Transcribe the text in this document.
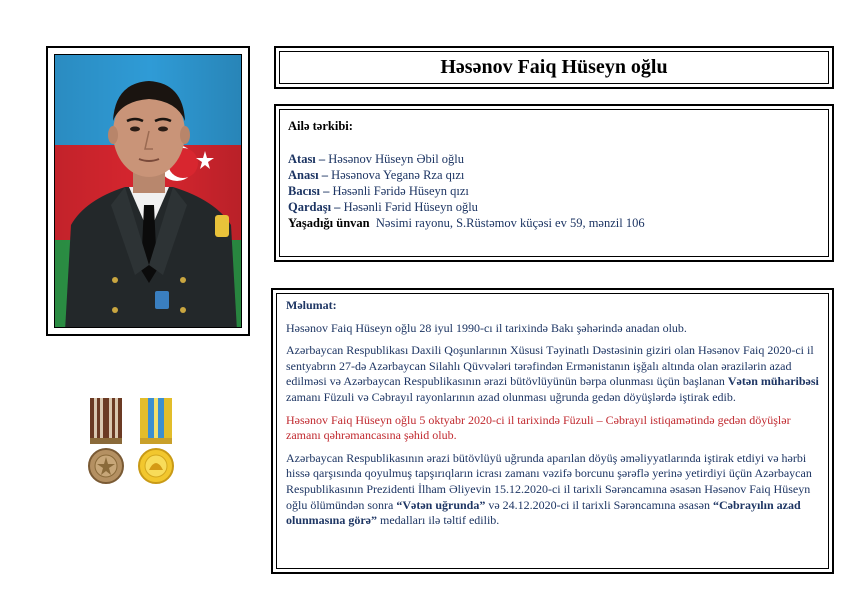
Həsənov Faiq Hüseyn oğlu
Ailə tərkibi:
Atası – Həsənov Hüseyn Əbil oğlu
Anası – Həsənova Yeganə Rza qızı
Bacısı – Həsənli Fəridə Hüseyn qızı
Qardaşı – Həsənli Fərid Hüseyn oğlu
Yaşadığı ünvan  Nəsimi rayonu, S.Rüstəmov küçəsi ev 59, mənzil 106
Məlumat:

Həsənov Faiq Hüseyn oğlu 28 iyul 1990-cı il tarixində Bakı şəhərində anadan olub.

Azərbaycan Respublikası Daxili Qoşunlarının Xüsusi Təyinatlı Dəstəsinin giziri olan Həsənov Faiq 2020-ci il sentyabrın 27-də Azərbaycan Silahlı Qüvvələri tərəfindən Ermənistanın işğalı altında olan ərazilərin azad edilməsi və Azərbaycan Respublikasının ərazi bütövlüyünün bərpa olunması üçün başlanan Vətən müharibəsi zamanı Füzuli və Cəbrayıl rayonlarının azad olunması uğrunda gedən döyüşlərdə iştirak edib.

Həsənov Faiq Hüseyn oğlu 5 oktyabr 2020-ci il tarixində Füzuli – Cəbrayıl istiqamətində gedən döyüşlər zamanı qəhrəmancasına şəhid olub.

Azərbaycan Respublikasının ərazi bütövlüyü uğrunda aparılan döyüş əməliyyatlarında iştirak etdiyi və hərbi hissə qarşısında qoyulmuş tapşırıqların icrası zamanı vəzifə borcunu şərəflə yerinə yetirdiyi üçün Azərbaycan Respublikasının Prezidenti İlham Əliyevin 15.12.2020-ci il tarixli Sərəncamına əsasən Həsənov Faiq Hüseyn oğlu ölümündən sonra “Vətən uğrunda” və 24.12.2020-ci il tarixli Sərəncamına əsasən “Cəbrayılın azad olunmasına görə” medalları ilə təltif edilib.
